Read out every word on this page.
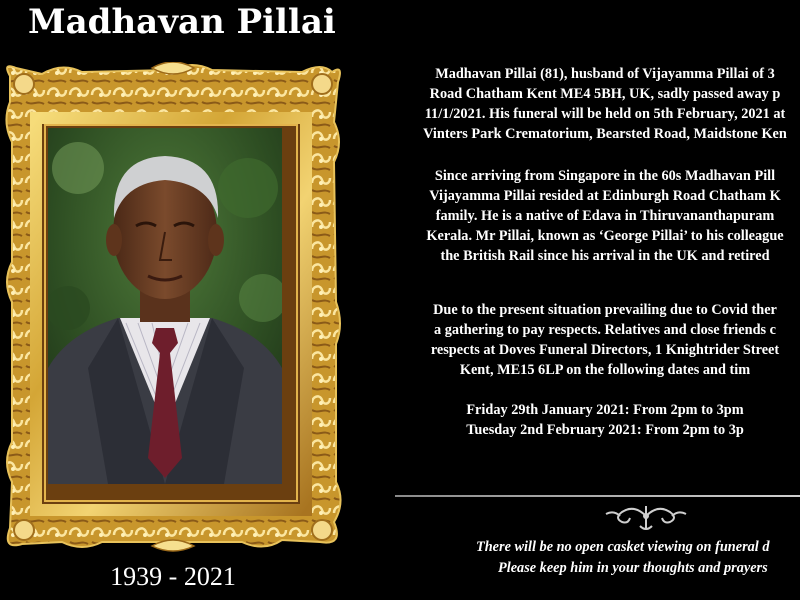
Madhavan Pillai
1939 - 2021

Madhavan Pillai (81), husband of Vijayamma Pillai of 3

Road Chatham Kent ME4 5BH, UK, sadly passed away p

11/1/2021. His funeral will be held on 5th February, 2021 at

Vinters Park Crematorium, Bearsted Road, Maidstone Ken

Since arriving from Singapore in the 60s Madhavan Pill

Vijayamma Pillai resided at Edinburgh Road Chatham K

family. He is a native of Edava in Thiruvananthapuram

Kerala. Mr Pillai, known as ‘George Pillai’ to his colleague

the British Rail since his arrival in the UK and retired

Due to the present situation prevailing due to Covid ther

a gathering to pay respects. Relatives and close friends c

respects at Doves Funeral Directors, 1 Knightrider Street

Kent, ME15 6LP on the following dates and tim

Friday 29th January 2021: From 2pm to 3pm

Tuesday 2nd February 2021: From 2pm to 3p

There will be no open casket viewing on funeral d

Please keep him in your thoughts and prayers
